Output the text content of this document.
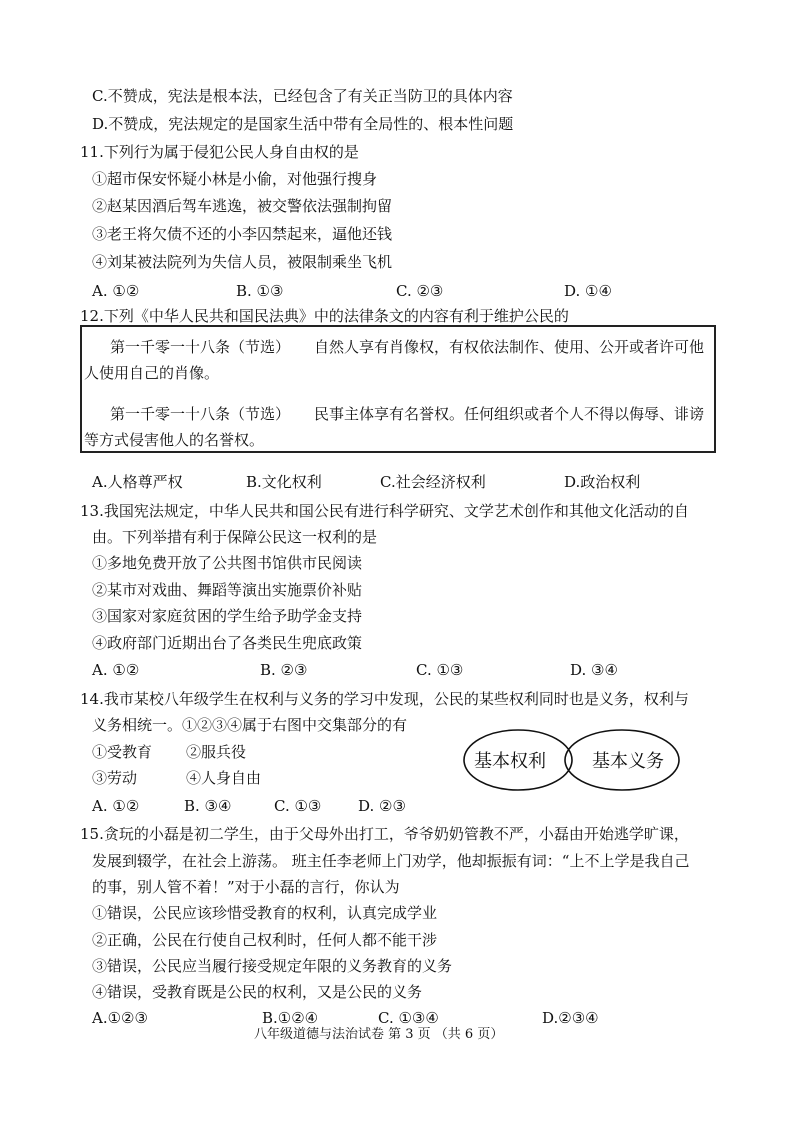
C.不赞成，宪法是根本法，已经包含了有关正当防卫的具体内容
D.不赞成，宪法规定的是国家生活中带有全局性的、根本性问题
11.下列行为属于侵犯公民人身自由权的是
①超市保安怀疑小林是小偷，对他强行搜身
②赵某因酒后驾车逃逸，被交警依法强制拘留
③老王将欠债不还的小李囚禁起来，逼他还钱
④刘某被法院列为失信人员，被限制乘坐飞机
A. ①②	B. ①③	C. ②③	D. ①④
12.下列《中华人民共和国民法典》中的法律条文的内容有利于维护公民的
第一千零一十八条（节选） 自然人享有肖像权，有权依法制作、使用、公开或者许可他
人使用自己的肖像。
第一千零一十八条（节选） 民事主体享有名誉权。任何组织或者个人不得以侮辱、诽谤
等方式侵害他人的名誉权。
A.人格尊严权	B.文化权利	C.社会经济权利	D.政治权利
13.我国宪法规定，中华人民共和国公民有进行科学研究、文学艺术创作和其他文化活动的自
由。下列举措有利于保障公民这一权利的是
①多地免费开放了公共图书馆供市民阅读
②某市对戏曲、舞蹈等演出实施票价补贴
③国家对家庭贫困的学生给予助学金支持
④政府部门近期出台了各类民生兜底政策
A. ①②	B. ②③	C. ①③	D. ③④
14.我市某校八年级学生在权利与义务的学习中发现，公民的某些权利同时也是义务，权利与
义务相统一。①②③④属于右图中交集部分的有
①受教育 ②服兵役
③劳动	④人身自由
A. ①②	B. ③④	C. ①③ D. ②③
基本权利	基本义务
15.贪玩的小磊是初二学生，由于父母外出打工，爷爷奶奶管教不严，小磊由开始逃学旷课，
发展到辍学，在社会上游荡。 班主任李老师上门劝学，他却振振有词：“上不上学是我自己
的事，别人管不着！”对于小磊的言行，你认为
①错误，公民应该珍惜受教育的权利，认真完成学业
②正确，公民在行使自己权利时，任何人都不能干涉
③错误，公民应当履行接受规定年限的义务教育的义务
④错误，受教育既是公民的权利，又是公民的义务
A.①②③	B.①②④	C. ①③④	D.②③④
八年级道德与法治试卷 第 3 页 （共 6 页）
